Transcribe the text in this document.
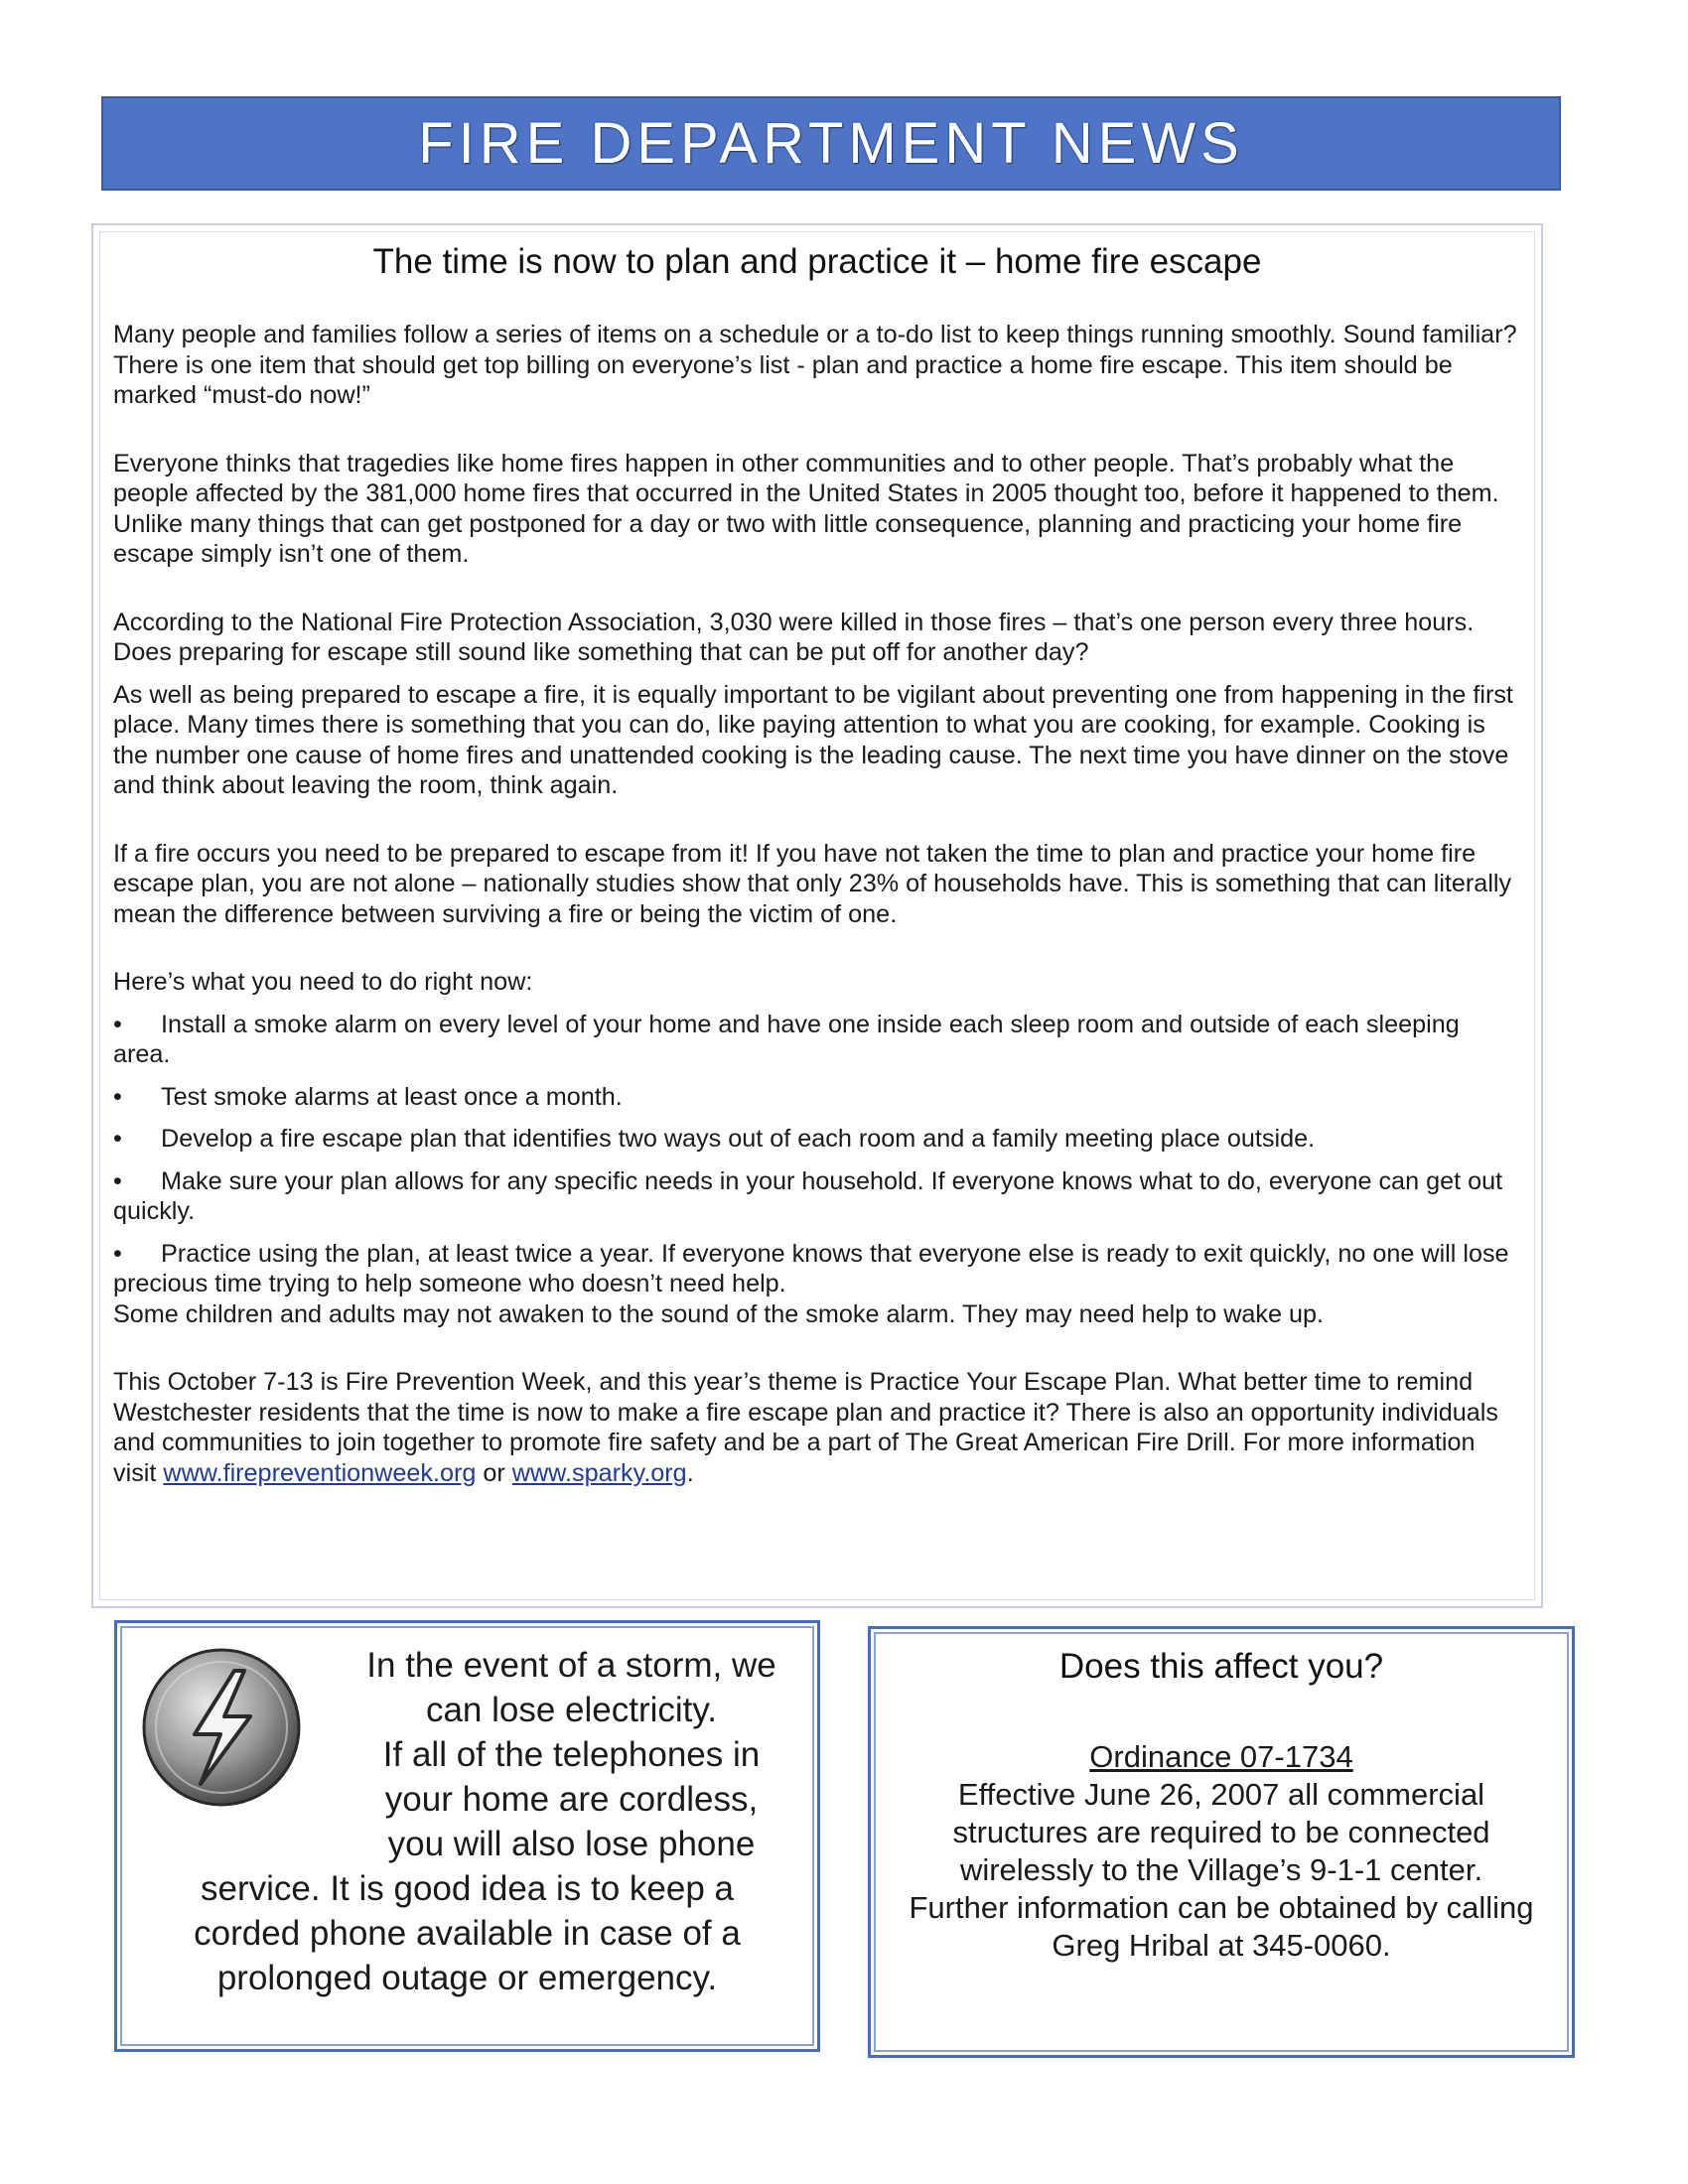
FIRE DEPARTMENT NEWS
The time is now to plan and practice it – home fire escape

Many people and families follow a series of items on a schedule or a to-do list to keep things running smoothly. Sound familiar? There is one item that should get top billing on everyone’s list - plan and practice a home fire escape. This item should be marked “must-do now!”

Everyone thinks that tragedies like home fires happen in other communities and to other people. That’s probably what the people affected by the 381,000 home fires that occurred in the United States in 2005 thought too, before it happened to them. Unlike many things that can get postponed for a day or two with little consequence, planning and practicing your home fire escape simply isn’t one of them.

According to the National Fire Protection Association, 3,030 were killed in those fires – that’s one person every three hours. Does preparing for escape still sound like something that can be put off for another day?

As well as being prepared to escape a fire, it is equally important to be vigilant about preventing one from happening in the first place. Many times there is something that you can do, like paying attention to what you are cooking, for example. Cooking is the number one cause of home fires and unattended cooking is the leading cause. The next time you have dinner on the stove and think about leaving the room, think again.

If a fire occurs you need to be prepared to escape from it! If you have not taken the time to plan and practice your home fire escape plan, you are not alone – nationally studies show that only 23% of households have. This is something that can literally mean the difference between surviving a fire or being the victim of one.

Here’s what you need to do right now:

• Install a smoke alarm on every level of your home and have one inside each sleep room and outside of each sleeping area.

• Test smoke alarms at least once a month.

• Develop a fire escape plan that identifies two ways out of each room and a family meeting place outside.

• Make sure your plan allows for any specific needs in your household. If everyone knows what to do, everyone can get out quickly.

• Practice using the plan, at least twice a year. If everyone knows that everyone else is ready to exit quickly, no one will lose precious time trying to help someone who doesn’t need help.

Some children and adults may not awaken to the sound of the smoke alarm. They may need help to wake up.

This October 7-13 is Fire Prevention Week, and this year’s theme is Practice Your Escape Plan. What better time to remind Westchester residents that the time is now to make a fire escape plan and practice it? There is also an opportunity individuals and communities to join together to promote fire safety and be a part of The Great American Fire Drill. For more information visit www.firepreventionweek.org or www.sparky.org.

In the event of a storm, we
can lose electricity.
If all of the telephones in
your home are cordless,
you will also lose phone
service. It is good idea is to keep a
corded phone available in case of a
prolonged outage or emergency.
Does this affect you?
Ordinance 07-1734
Effective June 26, 2007 all commercial
structures are required to be connected
wirelessly to the Village’s 9-1-1 center.
Further information can be obtained by calling
Greg Hribal at 345-0060.
